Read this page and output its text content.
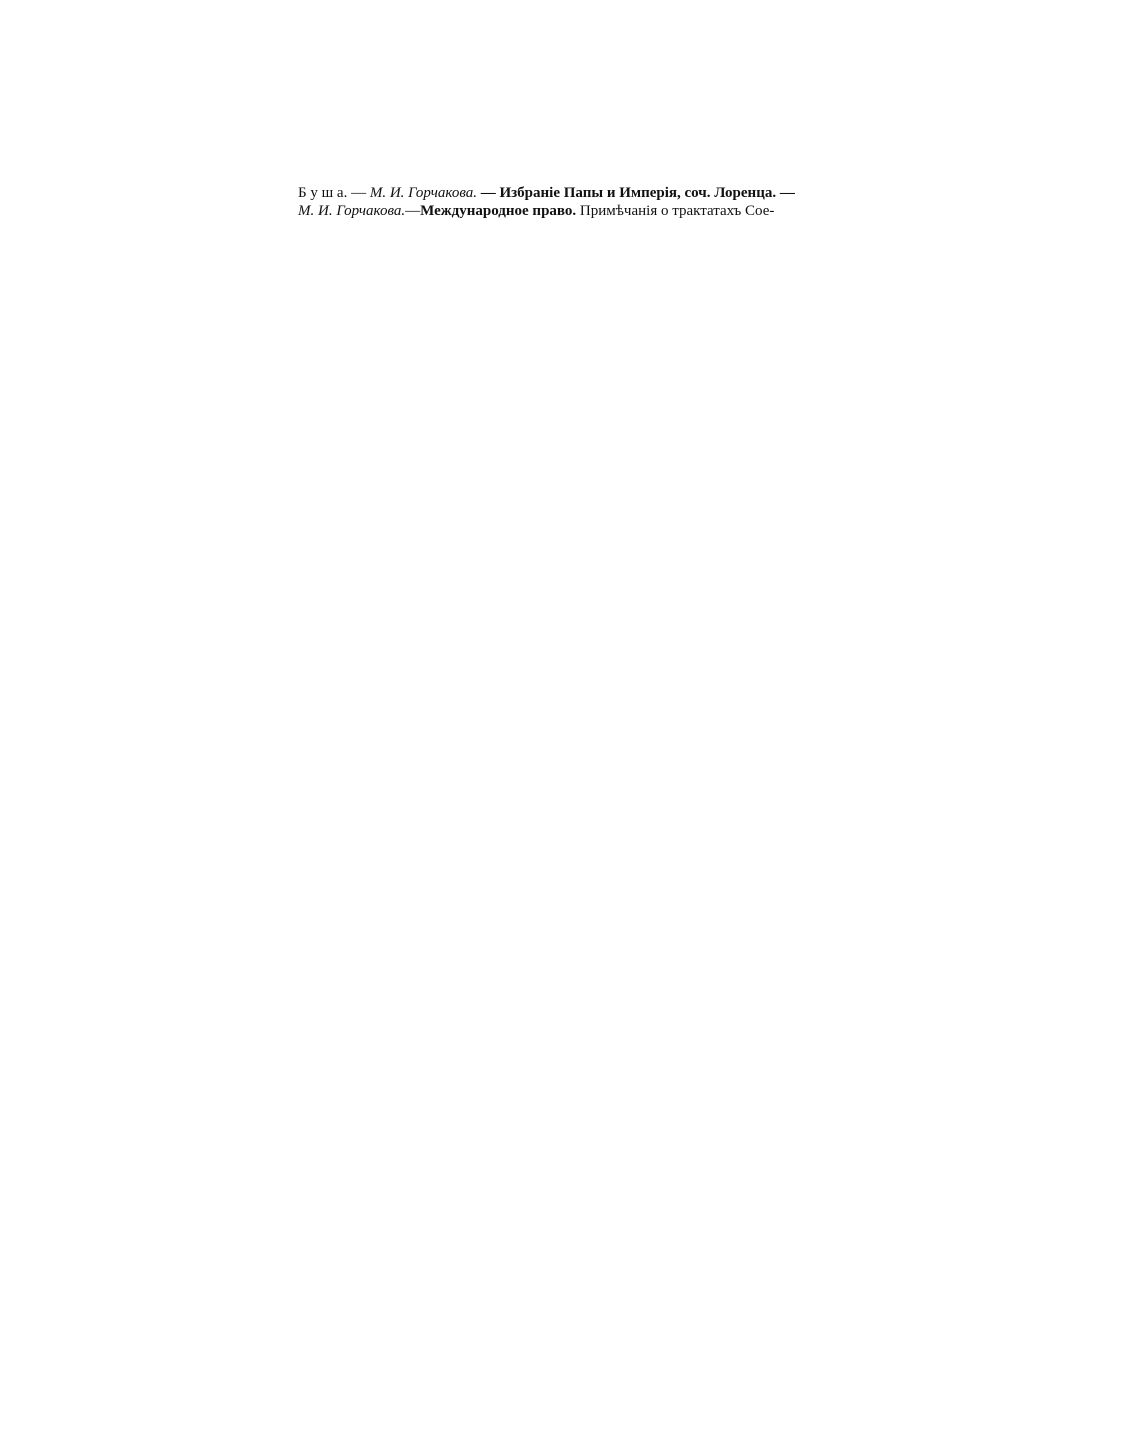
Б у ш а. — М. И. Горчакова. — Избраніе Папы и Имперія, соч. Лоренца. —
М. И. Горчакова.—Международное право. Примѣчанія о трактатахъ Сое-
